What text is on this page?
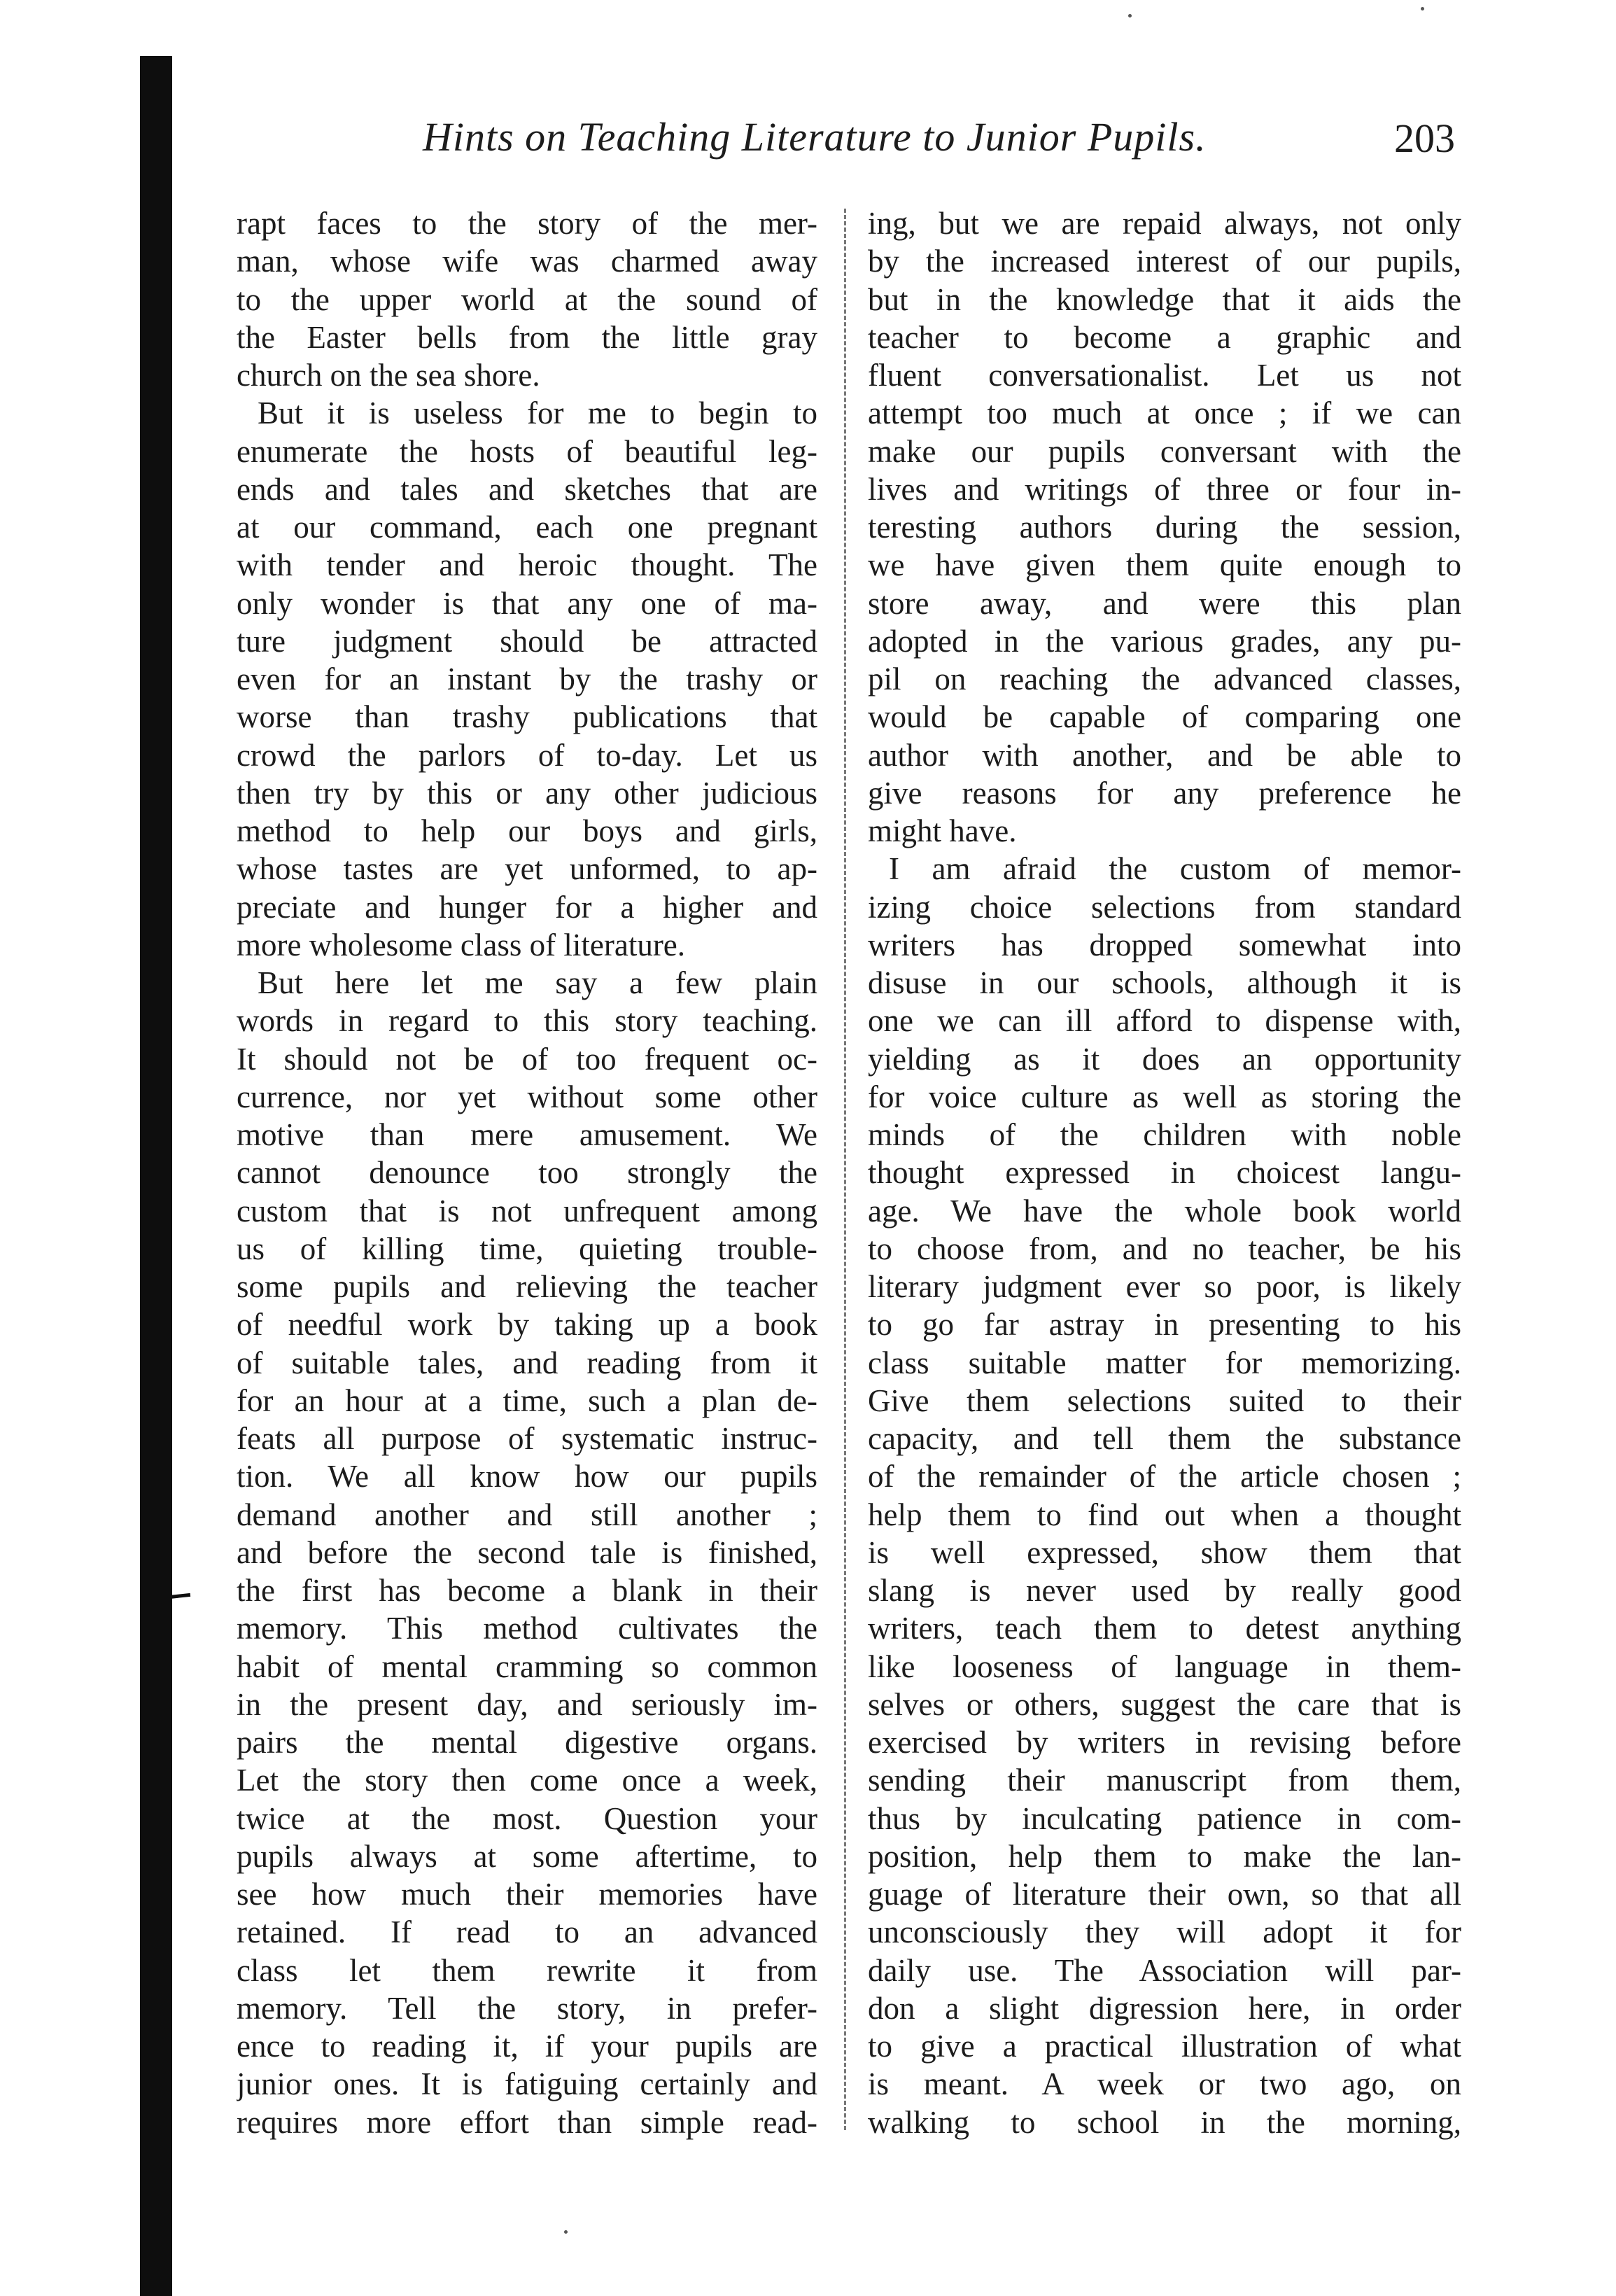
Hints on Teaching Literature to Junior Pupils.	203
rapt faces to the story of the mer-
man, whose wife was charmed away
to the upper world at the sound of
the Easter bells from the little gray
church on the sea shore.
But it is useless for me to begin to
enumerate the hosts of beautiful leg-
ends and tales and sketches that are
at our command, each one pregnant
with tender and heroic thought. The
only wonder is that any one of ma-
ture judgment should be attracted
even for an instant by the trashy or
worse than trashy publications that
crowd the parlors of to-day. Let us
then try by this or any other judicious
method to help our boys and girls,
whose tastes are yet unformed, to ap-
preciate and hunger for a higher and
more wholesome class of literature.
But here let me say a few plain
words in regard to this story teaching.
It should not be of too frequent oc-
currence, nor yet without some other
motive than mere amusement. We
cannot denounce too strongly the
custom that is not unfrequent among
us of killing time, quieting trouble-
some pupils and relieving the teacher
of needful work by taking up a book
of suitable tales, and reading from it
for an hour at a time, such a plan de-
feats all purpose of systematic instruc-
tion. We all know how our pupils
demand another and still another ;
and before the second tale is finished,
the first has become a blank in their
memory. This method cultivates the
habit of mental cramming so common
in the present day, and seriously im-
pairs the mental digestive organs.
Let the story then come once a week,
twice at the most. Question your
pupils always at some aftertime, to
see how much their memories have
retained. If read to an advanced
class let them rewrite it from
memory. Tell the story, in prefer-
ence to reading it, if your pupils are
junior ones. It is fatiguing certainly and
requires more effort than simple read-
ing, but we are repaid always, not only
by the increased interest of our pupils,
but in the knowledge that it aids the
teacher to become a graphic and
fluent conversationalist. Let us not
attempt too much at once ; if we can
make our pupils conversant with the
lives and writings of three or four in-
teresting authors during the session,
we have given them quite enough to
store away, and were this plan
adopted in the various grades, any pu-
pil on reaching the advanced classes,
would be capable of comparing one
author with another, and be able to
give reasons for any preference he
might have.
I am afraid the custom of memor-
izing choice selections from standard
writers has dropped somewhat into
disuse in our schools, although it is
one we can ill afford to dispense with,
yielding as it does an opportunity
for voice culture as well as storing the
minds of the children with noble
thought expressed in choicest langu-
age. We have the whole book world
to choose from, and no teacher, be his
literary judgment ever so poor, is likely
to go far astray in presenting to his
class suitable matter for memorizing.
Give them selections suited to their
capacity, and tell them the substance
of the remainder of the article chosen ;
help them to find out when a thought
is well expressed, show them that
slang is never used by really good
writers, teach them to detest anything
like looseness of language in them-
selves or others, suggest the care that is
exercised by writers in revising before
sending their manuscript from them,
thus by inculcating patience in com-
position, help them to make the lan-
guage of literature their own, so that all
unconsciously they will adopt it for
daily use. The Association will par-
don a slight digression here, in order
to give a practical illustration of what
is meant. A week or two ago, on
walking to school in the morning,
